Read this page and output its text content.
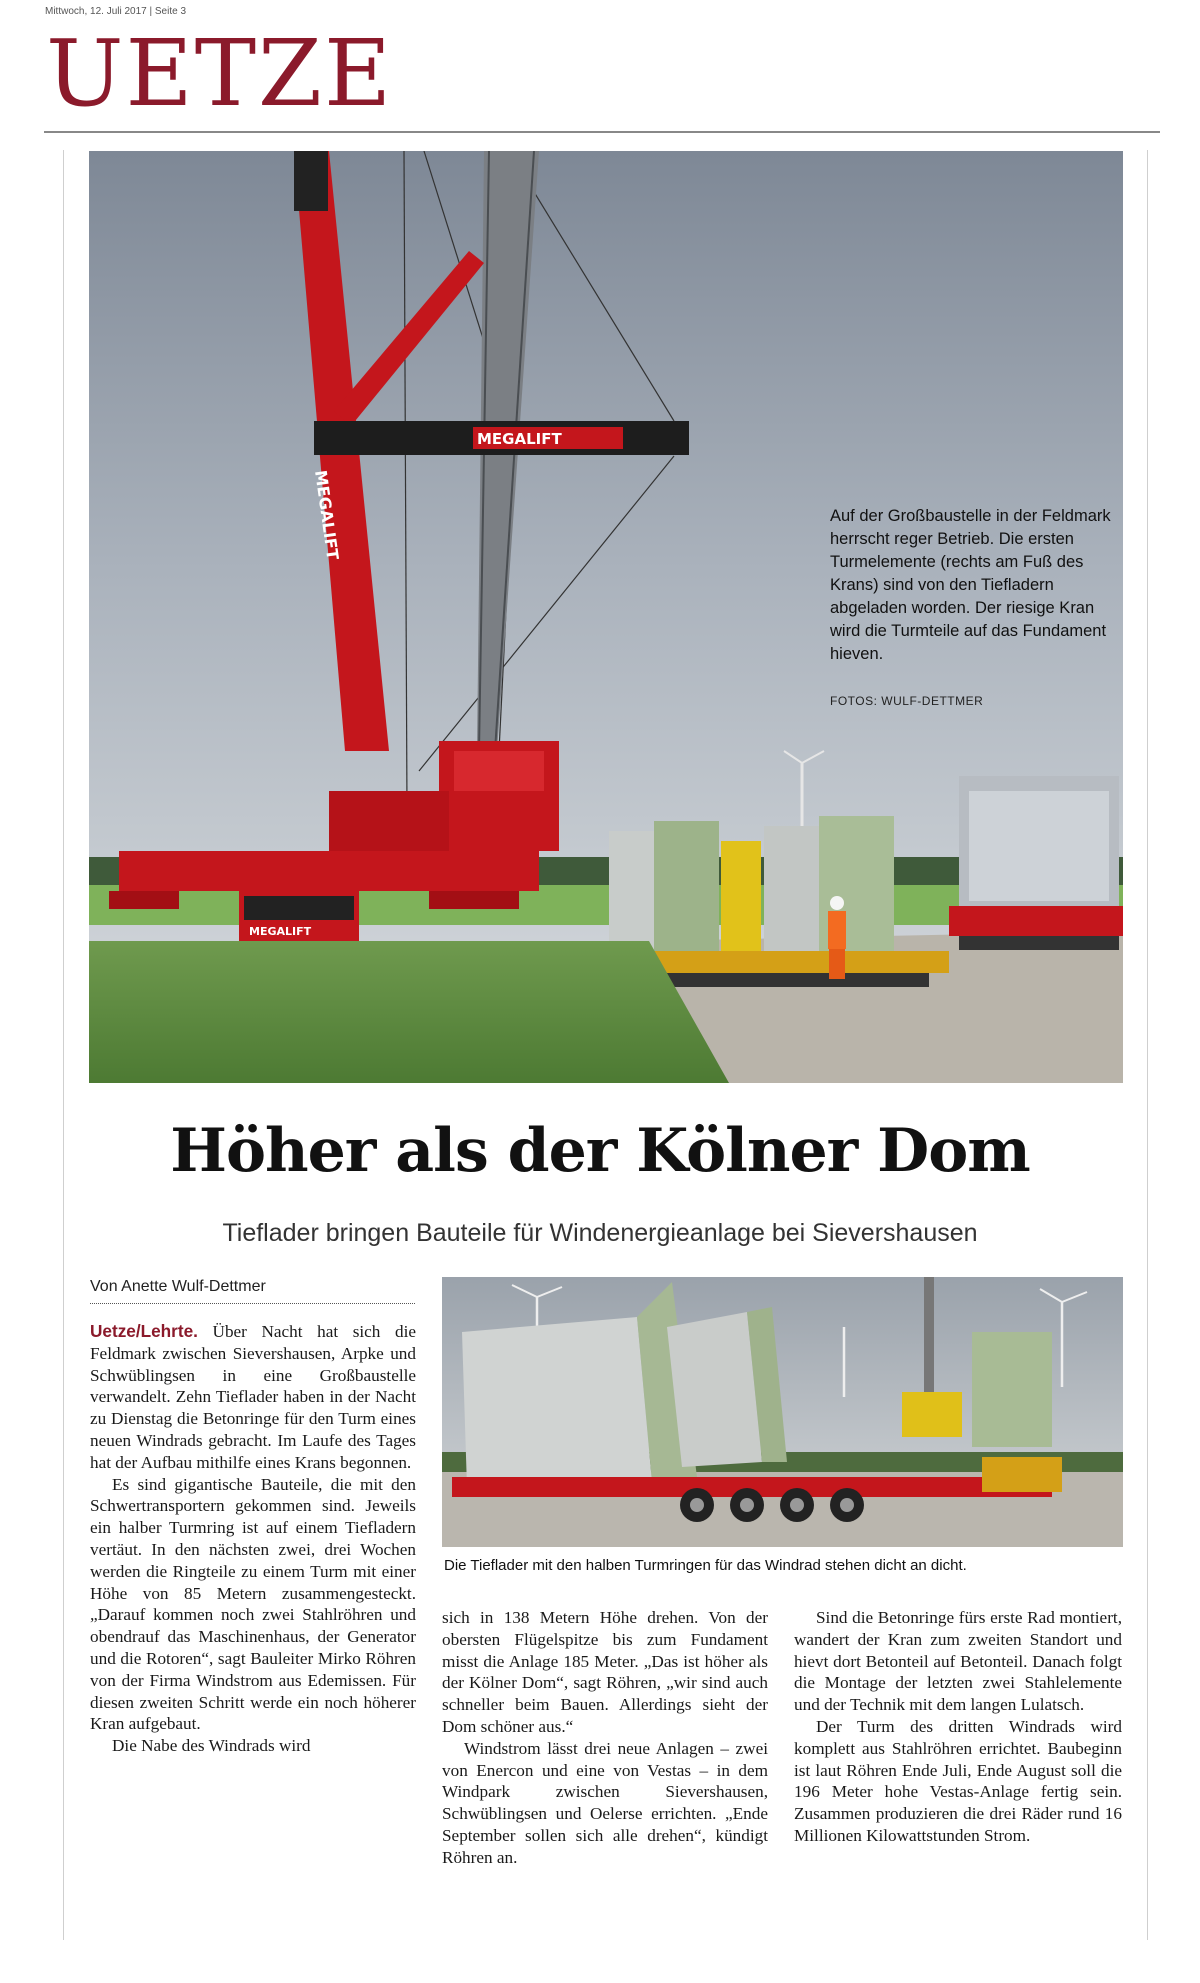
Mittwoch, 12. Juli 2017 | Seite 3
UETZE
MEGALIFT
MEGALIFT
MEGALIFT
Auf der Großbaustelle in der Feldmark herrscht reger Betrieb. Die ersten Turmelemente (rechts am Fuß des Krans) sind von den Tiefladern abgeladen worden. Der riesige Kran wird die Turmteile auf das Fundament hieven.
FOTOS: WULF-DETTMER
Höher als der Kölner Dom
Tieflader bringen Bauteile für Windenergieanlage bei Sievershausen
Von Anette Wulf-Dettmer
Die Tieflader mit den halben Turmringen für das Windrad stehen dicht an dicht.

Uetze/Lehrte. Über Nacht hat sich die Feldmark zwischen Sievershausen, Arpke und Schwüblingsen in eine Großbaustelle verwandelt. Zehn Tieflader haben in der Nacht zu Dienstag die Betonringe für den Turm eines neuen Windrads gebracht. Im Laufe des Tages hat der Aufbau mithilfe eines Krans begonnen.

Es sind gigantische Bauteile, die mit den Schwertransportern gekommen sind. Jeweils ein halber Turmring ist auf einem Tiefladern vertäut. In den nächsten zwei, drei Wochen werden die Ringteile zu einem Turm mit einer Höhe von 85 Metern zusammengesteckt. „Darauf kommen noch zwei Stahlröhren und obendrauf das Maschinenhaus, der Generator und die Rotoren“, sagt Bauleiter Mirko Röhren von der Firma Windstrom aus Edemissen. Für diesen zweiten Schritt werde ein noch höherer Kran aufgebaut.

Die Nabe des Windrads wird

sich in 138 Metern Höhe drehen. Von der obersten Flügelspitze bis zum Fundament misst die Anlage 185 Meter. „Das ist höher als der Kölner Dom“, sagt Röhren, „wir sind auch schneller beim Bauen. Allerdings sieht der Dom schöner aus.“

Windstrom lässt drei neue Anlagen – zwei von Enercon und eine von Vestas – in dem Windpark zwischen Sievershausen, Schwüblingsen und Oelerse errichten. „Ende September sollen sich alle drehen“, kündigt Röhren an.

Sind die Betonringe fürs erste Rad montiert, wandert der Kran zum zweiten Standort und hievt dort Betonteil auf Betonteil. Danach folgt die Montage der letzten zwei Stahlelemente und der Technik mit dem langen Lulatsch.

Der Turm des dritten Windrads wird komplett aus Stahlröhren errichtet. Baubeginn ist laut Röhren Ende Juli, Ende August soll die 196 Meter hohe Vestas-Anlage fertig sein. Zusammen produzieren die drei Räder rund 16 Millionen Kilowattstunden Strom.
